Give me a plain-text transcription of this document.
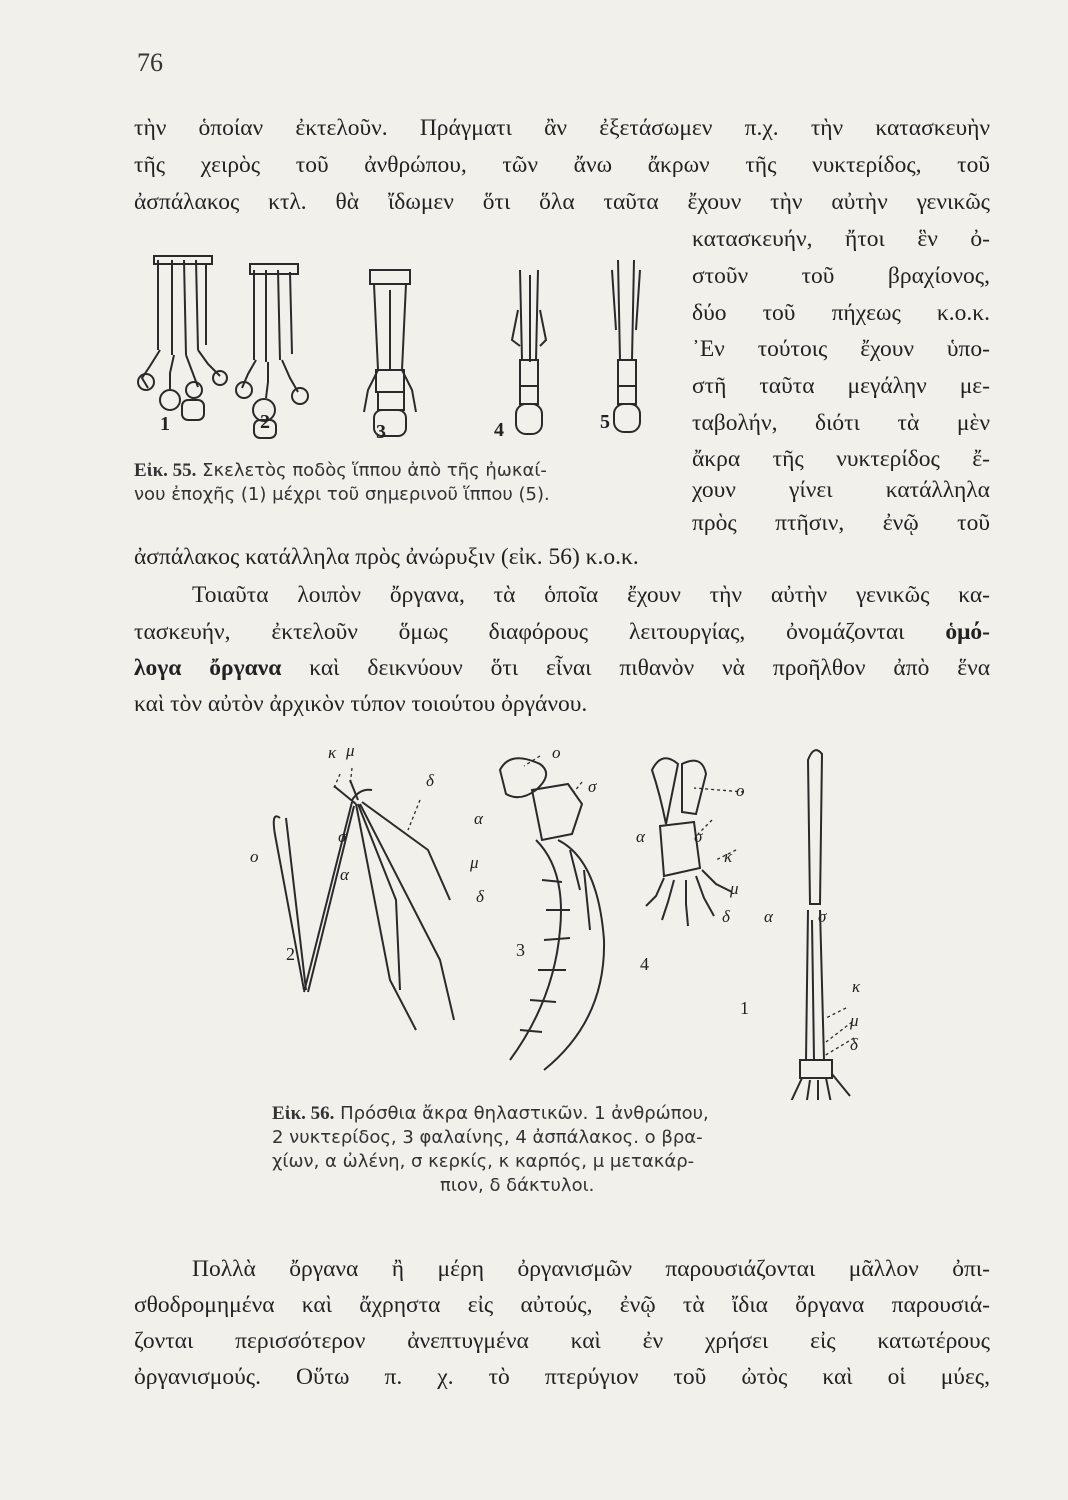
76
τὴν ὁποίαν ἐκτελοῦν. Πράγματι ἂν ἐξετάσωμεν π.χ. τὴν κατασκευὴν
τῆς χειρὸς τοῦ ἀνθρώπου, τῶν ἄνω ἄκρων τῆς νυκτερίδος, τοῦ
ἀσπάλακος κτλ. θὰ ἴδωμεν ὅτι ὅλα ταῦτα ἔχουν τὴν αὐτὴν γενικῶς
κατασκευήν, ἤτοι ἓν ὀ-
στοῦν τοῦ βραχίονος,
δύο τοῦ πήχεως κ.ο.κ.
᾿Εν τούτοις ἔχουν ὑπο-
στῆ ταῦτα μεγάλην με-
ταβολήν, διότι τὰ μὲν
ἄκρα τῆς νυκτερίδος ἔ-
χουν γίνει κατάλληλα
πρὸς πτῆσιν, ἐνῷ τοῦ
1	2	3	4	5
Εἰκ. 55. Σκελετὸς ποδὸς ἵππου ἀπὸ τῆς ἠωκαί-
νου ἐποχῆς (1) μέχρι τοῦ σημερινοῦ ἵππου (5).
ἀσπάλακος κατάλληλα πρὸς ἀνώρυξιν (εἰκ. 56) κ.ο.κ.
Τοιαῦτα λοιπὸν ὄργανα, τὰ ὁποῖα ἔχουν τὴν αὐτὴν γενικῶς κα-
τασκευήν, ἐκτελοῦν ὅμως διαφόρους λειτουργίας, ὀνομάζονται ὁμό-
λογα ὄργανα καὶ δεικνύουν ὅτι εἶναι πιθανὸν νὰ προῆλθον ἀπὸ ἕνα
καὶ τὸν αὐτὸν ἀρχικὸν τύπον τοιούτου ὀργάνου.
2	3
4
1
κ μ
δ
σ
ο
α
ο
σ
α
μ
δ
ο
α	σ
κ
μ
δ α	σ
κ
μ
δ
Εἰκ. 56. Πρόσθια ἄκρα θηλαστικῶν. 1 ἀνθρώπου,
2 νυκτερίδος, 3 φαλαίνης, 4 ἀσπάλακος. ο βρα-
χίων, α ὠλένη, σ κερκίς, κ καρπός, μ μετακάρ-
πιον, δ δάκτυλοι.
Πολλὰ ὄργανα ἢ μέρη ὀργανισμῶν παρουσιάζονται μᾶλλον ὀπι-
σθοδρομημένα καὶ ἄχρηστα εἰς αὐτούς, ἐνῷ τὰ ἴδια ὄργανα παρουσιά-
ζονται περισσότερον ἀνεπτυγμένα καὶ ἐν χρήσει εἰς κατωτέρους
ὀργανισμούς. Οὕτω π. χ. τὸ πτερύγιον τοῦ ὠτὸς καὶ οἱ μύες,
